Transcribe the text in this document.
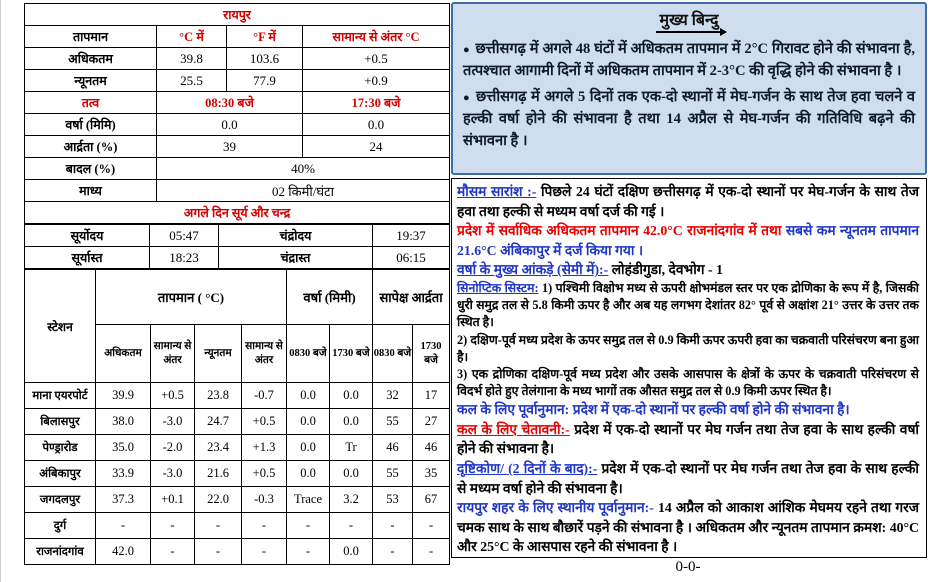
रायपुर			
तापमान	°C में	°F में	सामान्य से अंतर °C
अधिकतम	39.8	103.6	+0.5
न्यूनतम	25.5	77.9	+0.9
तत्व	08:30 बजे		17:30 बजे
वर्षा (मिमि)	0.0		0.0
आर्द्रता (%)	39		24
बादल (%)	40%		
माध्य	02 किमी/घंटा		
अगले दिन सूर्य और चन्द्र			
सूर्योदय	05:47	चंद्रोदय	19:37
सूर्यास्त	18:23	चंद्रास्त	06:15
स्टेशन	तापमान ( °C)				वर्षा (मिमी)		सापेक्ष आर्द्रता	
	अधिकतम	सामान्य से अंतर	न्यूनतम	सामान्य से अंतर	0830 बजे	1730 बजे	0830 बजे	1730 बजे
माना एयरपोर्ट	39.9	+0.5	23.8	-0.7	0.0	0.0	32	17
बिलासपुर	38.0	-3.0	24.7	+0.5	0.0	0.0	55	27
पेण्ड्रारोड	35.0	-2.0	23.4	+1.3	0.0	Tr	46	46
अंबिकापुर	33.9	-3.0	21.6	+0.5	0.0	0.0	55	35
जगदलपुर	37.3	+0.1	22.0	-0.3	Trace	3.2	53	67
दुर्ग	-	-	-	-	-	-	-	-
राजनांदगांव	42.0	-	-	-	-	0.0	-	-
मुख्य बिन्दु

● छत्तीसगढ़ में अगले 48 घंटों में अधिकतम तापमान में 2°C गिरावट होने की संभावना है, तत्पश्चात आगामी दिनों में अधिकतम तापमान में 2-3°C की वृद्धि होने की संभावना है ।

● छत्तीसगढ़ में अगले 5 दिनों तक एक-दो स्थानों में मेघ-गर्जन के साथ तेज हवा चलने व हल्की वर्षा होने की संभावना है तथा 14 अप्रैल से मेघ-गर्जन की गतिविधि बढ़ने की संभावना है ।

मौसम सारांश :- पिछले 24 घंटों दक्षिण छत्तीसगढ़ में एक-दो स्थानों पर मेघ-गर्जन के साथ तेज हवा तथा हल्की से मध्यम वर्षा दर्ज की गई ।

प्रदेश में सर्वाधिक अधिकतम तापमान 42.0°C राजनांदगांव में तथा सबसे कम न्यूनतम तापमान 21.6°C अंबिकापुर में दर्ज किया गया ।

वर्षा के मुख्य आंकड़े (सेमी में):- लोहंडीगुडा, देवभोग - 1

सिनोप्टिक सिस्टम: 1) पश्चिमी विक्षोभ मध्य से ऊपरी क्षोभमंडल स्तर पर एक द्रोणिका के रूप में है, जिसकी धुरी समुद्र तल से 5.8 किमी ऊपर है और अब यह लगभग देशांतर 82° पूर्व से अक्षांश 21° उत्तर के उत्तर तक स्थित है।
2) दक्षिण-पूर्व मध्य प्रदेश के ऊपर समुद्र तल से 0.9 किमी ऊपर ऊपरी हवा का चक्रवाती परिसंचरण बना हुआ है।
3) एक द्रोणिका दक्षिण-पूर्व मध्य प्रदेश और उसके आसपास के क्षेत्रों के ऊपर के चक्रवाती परिसंचरण से विदर्भ होते हुए तेलंगाना के मध्य भागों तक औसत समुद्र तल से 0.9 किमी ऊपर स्थित है।

कल के लिए पूर्वानुमान: प्रदेश में एक-दो स्थानों पर हल्की वर्षा होने की संभावना है।

कल के लिए चेतावनी:- प्रदेश में एक-दो स्थानों पर मेघ गर्जन तथा तेज हवा के साथ हल्की वर्षा होने की संभावना है।

दृष्टिकोण/ (2 दिनों के बाद):- प्रदेश में एक-दो स्थानों पर मेघ गर्जन तथा तेज हवा के साथ हल्की से मध्यम वर्षा होने की संभावना है।

रायपुर शहर के लिए स्थानीय पूर्वानुमान:- 14 अप्रैल को आकाश आंशिक मेघमय रहने तथा गरज चमक साथ के साथ बौछारें पड़ने की संभावना है । अधिकतम और न्यूनतम तापमान क्रमश: 40°C और 25°C के आसपास रहने की संभावना है ।

0-0-
